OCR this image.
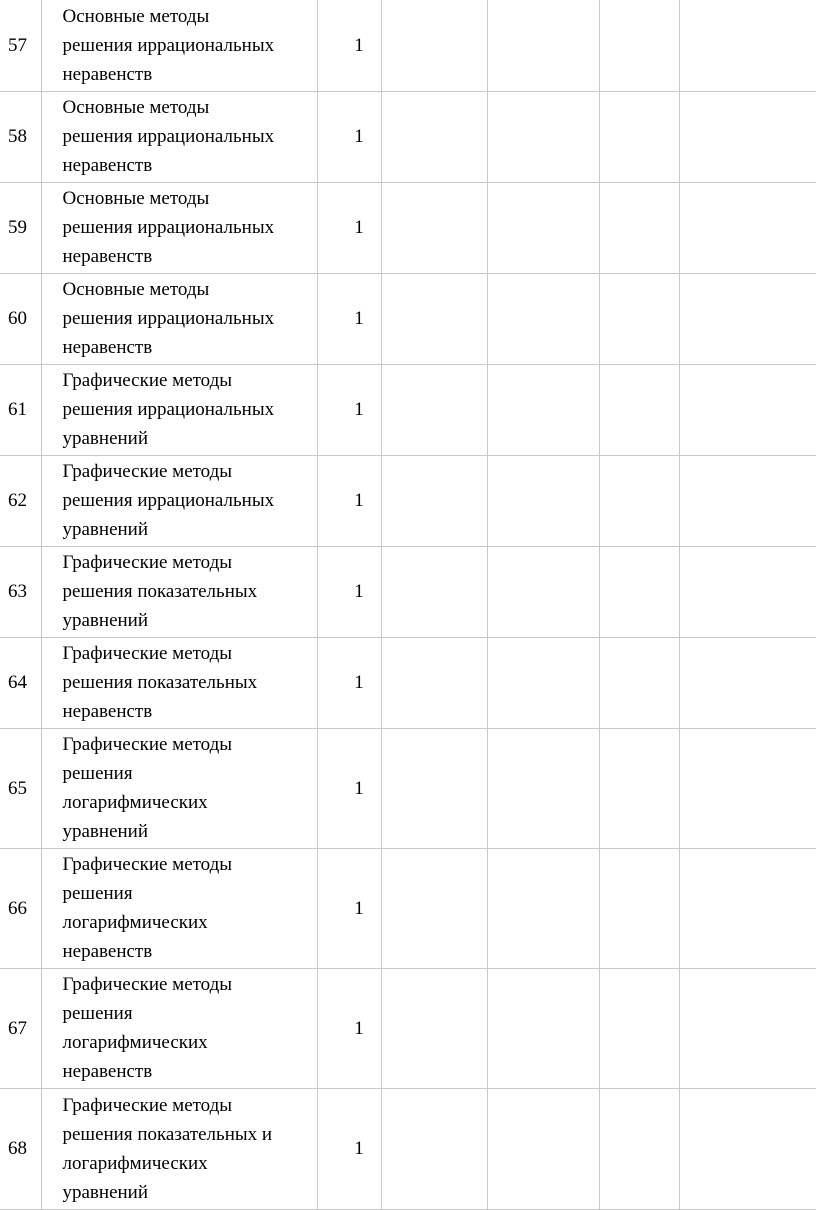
57	Основные методы
решения иррациональных
неравенств	1				
58	Основные методы
решения иррациональных
неравенств	1				
59	Основные методы
решения иррациональных
неравенств	1				
60	Основные методы
решения иррациональных
неравенств	1				
61	Графические методы
решения иррациональных
уравнений	1				
62	Графические методы
решения иррациональных
уравнений	1				
63	Графические методы
решения показательных
уравнений	1				
64	Графические методы
решения показательных
неравенств	1				
65	Графические методы
решения
логарифмических
уравнений	1				
66	Графические методы
решения
логарифмических
неравенств	1				
67	Графические методы
решения
логарифмических
неравенств	1				
68	Графические методы
решения показательных и
логарифмических
уравнений	1				
